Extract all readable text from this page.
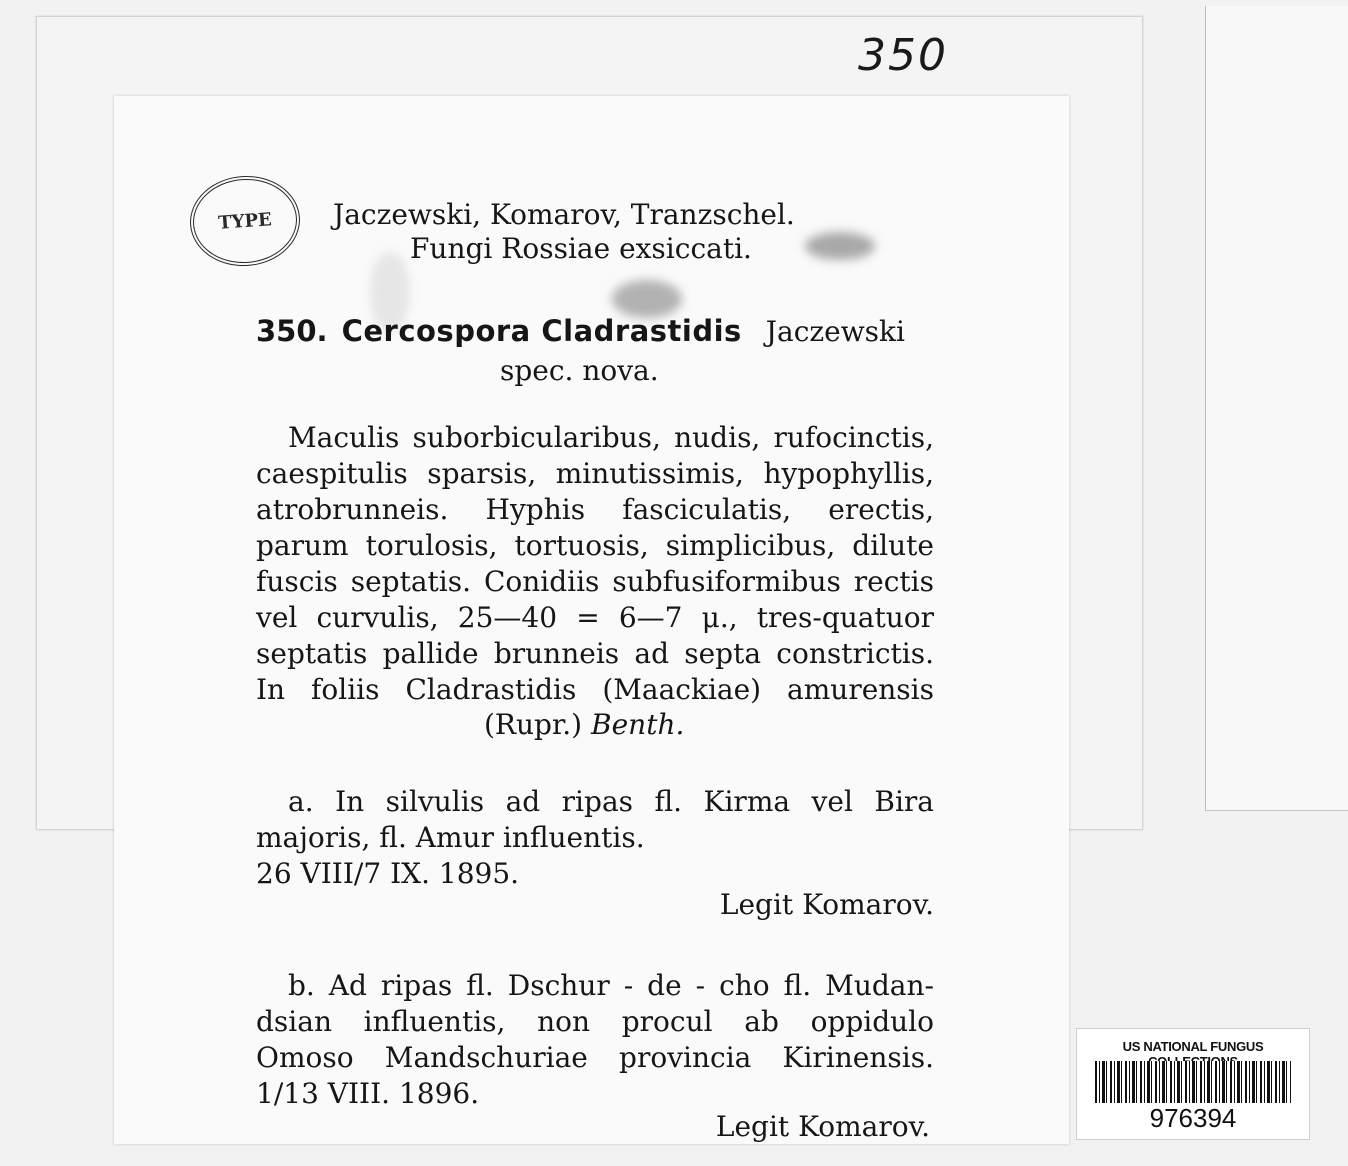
350
TYPE	Jaczewski, Komarov, Tranzschel.
Fungi Rossiae exsiccati.
350. Cercospora Cladrastidis Jaczewski
spec. nova.
Maculis suborbicularibus, nudis, rufocinctis,
caespitulis sparsis, minutissimis, hypophyllis,
atrobrunneis. Hyphis fasciculatis, erectis,
parum torulosis, tortuosis, simplicibus, dilute
fuscis septatis. Conidiis subfusiformibus rectis
vel curvulis, 25—40 = 6—7 μ., tres-quatuor
septatis pallide brunneis ad septa constrictis.
In foliis Cladrastidis (Maackiae) amurensis
(Rupr.) Benth.
a. In silvulis ad ripas fl. Kirma vel Bira
majoris, fl. Amur influentis.
26 VIII/7 IX. 1895.
Legit Komarov.
b. Ad ripas fl. Dschur - de - cho fl. Mudan-
dsian influentis, non procul ab oppidulo
Omoso Mandschuriae provincia Kirinensis.
1/13 VIII. 1896.
Legit Komarov.
US NATIONAL FUNGUS
976394
